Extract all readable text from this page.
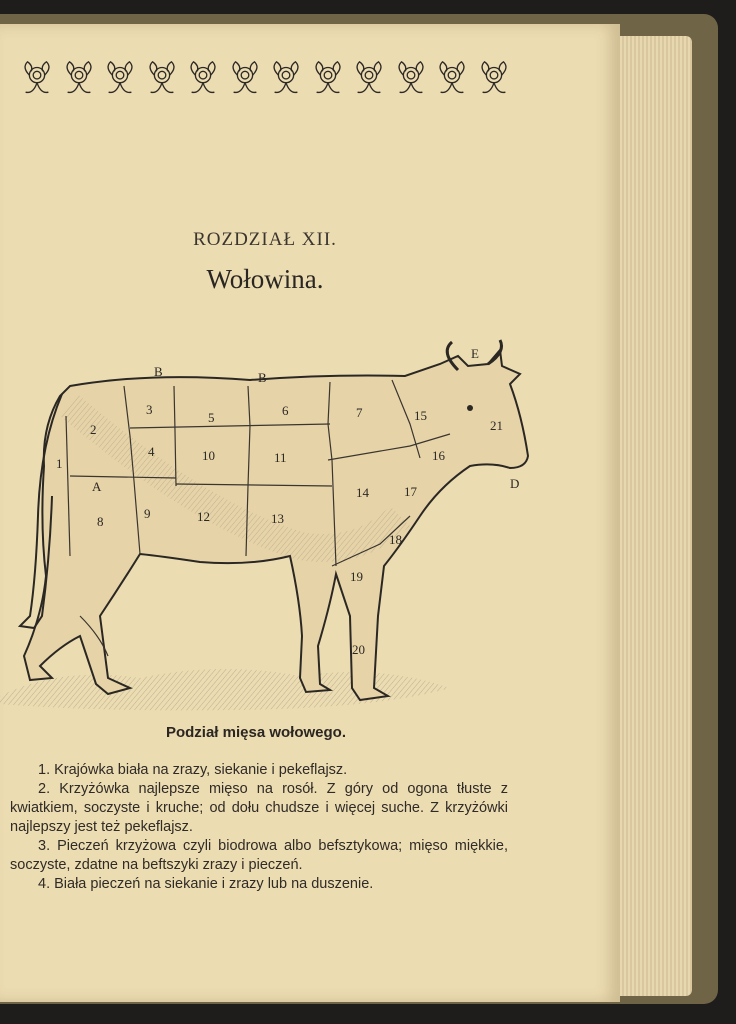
ROZDZIAŁ XII.
Wołowina.
B	B
E
A	D
1
2
3
4
5	6	7
8
9
10	11
12	13
14
15
16
17
18
19
20
21
Podział mięsa wołowego.

1. Krajówka biała na zrazy, siekanie i pekeflajsz.

2. Krzyżówka najlepsze mięso na rosół. Z góry od ogona tłuste z kwiatkiem, soczyste i kruche; od dołu chudsze i więcej suche. Z krzyżówki najlepszy jest też pekeflajsz.

3. Pieczeń krzyżowa czyli biodrowa albo befsztykowa; mięso miękkie, soczyste, zdatne na beftszyki zrazy i pieczeń.

4. Biała pieczeń na siekanie i zrazy lub na duszenie.
